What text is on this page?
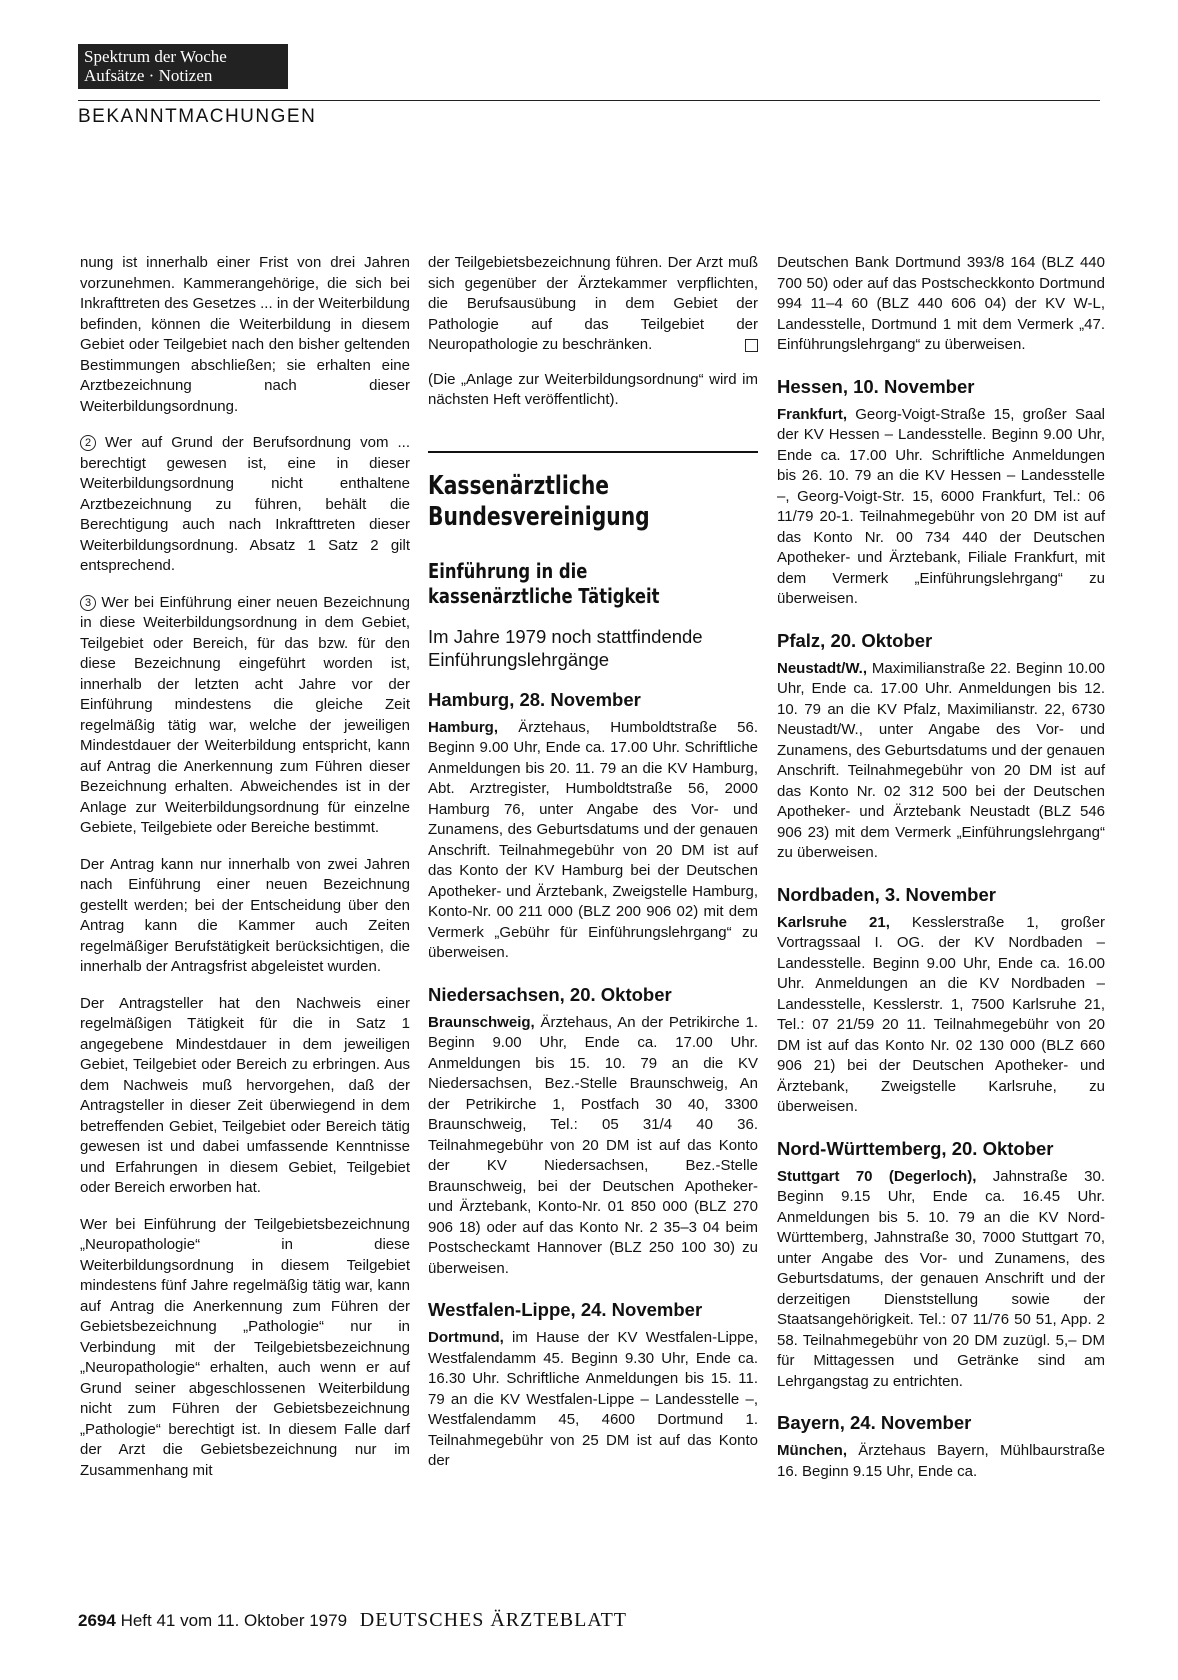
Spektrum der Woche
Aufsätze · Notizen
BEKANNTMACHUNGEN

nung ist innerhalb einer Frist von drei Jahren vorzunehmen. Kammerangehörige, die sich bei Inkrafttreten des Gesetzes ... in der Weiterbildung befinden, können die Weiterbildung in diesem Gebiet oder Teilgebiet nach den bisher geltenden Bestimmungen abschließen; sie erhalten eine Arztbezeichnung nach dieser Weiterbildungsordnung.

2 Wer auf Grund der Berufsordnung vom ... berechtigt gewesen ist, eine in dieser Weiterbildungsordnung nicht enthaltene Arztbezeichnung zu führen, behält die Berechtigung auch nach Inkrafttreten dieser Weiterbildungsordnung. Absatz 1 Satz 2 gilt entsprechend.

3 Wer bei Einführung einer neuen Bezeichnung in diese Weiterbildungsordnung in dem Gebiet, Teilgebiet oder Bereich, für das bzw. für den diese Bezeichnung eingeführt worden ist, innerhalb der letzten acht Jahre vor der Einführung mindestens die gleiche Zeit regelmäßig tätig war, welche der jeweiligen Mindestdauer der Weiterbildung entspricht, kann auf Antrag die Anerkennung zum Führen dieser Bezeichnung erhalten. Abweichendes ist in der Anlage zur Weiterbildungsordnung für einzelne Gebiete, Teilgebiete oder Bereiche bestimmt.

Der Antrag kann nur innerhalb von zwei Jahren nach Einführung einer neuen Bezeichnung gestellt werden; bei der Entscheidung über den Antrag kann die Kammer auch Zeiten regelmäßiger Berufstätigkeit berücksichtigen, die innerhalb der Antragsfrist abgeleistet wurden.

Der Antragsteller hat den Nachweis einer regelmäßigen Tätigkeit für die in Satz 1 angegebene Mindestdauer in dem jeweiligen Gebiet, Teilgebiet oder Bereich zu erbringen. Aus dem Nachweis muß hervorgehen, daß der Antragsteller in dieser Zeit überwiegend in dem betreffenden Gebiet, Teilgebiet oder Bereich tätig gewesen ist und dabei umfassende Kenntnisse und Erfahrungen in diesem Gebiet, Teilgebiet oder Bereich erworben hat.

Wer bei Einführung der Teilgebietsbezeichnung „Neuropathologie“ in diese Weiterbildungsordnung in diesem Teilgebiet mindestens fünf Jahre regelmäßig tätig war, kann auf Antrag die Anerkennung zum Führen der Gebietsbezeichnung „Pathologie“ nur in Verbindung mit der Teilgebietsbezeichnung „Neuropathologie“ erhalten, auch wenn er auf Grund seiner abgeschlossenen Weiterbildung nicht zum Führen der Gebietsbezeichnung „Pathologie“ berechtigt ist. In diesem Falle darf der Arzt die Gebietsbezeichnung nur im Zusammenhang mit

der Teilgebietsbezeichnung führen. Der Arzt muß sich gegenüber der Ärztekammer verpflichten, die Berufsausübung in dem Gebiet der Pathologie auf das Teilgebiet der Neuropathologie zu beschränken.

(Die „Anlage zur Weiterbildungsordnung“ wird im nächsten Heft veröffentlicht).

Kassenärztliche
Bundesvereinigung
Einführung in die
kassenärztliche Tätigkeit
Im Jahre 1979 noch stattfindende Einführungslehrgänge
Hamburg, 28. November

Hamburg, Ärztehaus, Humboldtstraße 56. Beginn 9.00 Uhr, Ende ca. 17.00 Uhr. Schriftliche Anmeldungen bis 20. 11. 79 an die KV Hamburg, Abt. Arztregister, Humboldtstraße 56, 2000 Hamburg 76, unter Angabe des Vor- und Zunamens, des Geburtsdatums und der genauen Anschrift. Teilnahmegebühr von 20 DM ist auf das Konto der KV Hamburg bei der Deutschen Apotheker- und Ärztebank, Zweigstelle Hamburg, Konto-Nr. 00 211 000 (BLZ 200 906 02) mit dem Vermerk „Gebühr für Einführungslehrgang“ zu überweisen.

Niedersachsen, 20. Oktober

Braunschweig, Ärztehaus, An der Petrikirche 1. Beginn 9.00 Uhr, Ende ca. 17.00 Uhr. Anmeldungen bis 15. 10. 79 an die KV Niedersachsen, Bez.-Stelle Braunschweig, An der Petrikirche 1, Postfach 30 40, 3300 Braunschweig, Tel.: 05 31/4 40 36. Teilnahmegebühr von 20 DM ist auf das Konto der KV Niedersachsen, Bez.-Stelle Braunschweig, bei der Deutschen Apotheker- und Ärztebank, Konto-Nr. 01 850 000 (BLZ 270 906 18) oder auf das Konto Nr. 2 35–3 04 beim Postscheckamt Hannover (BLZ 250 100 30) zu überweisen.

Westfalen-Lippe, 24. November

Dortmund, im Hause der KV Westfalen-Lippe, Westfalendamm 45. Beginn 9.30 Uhr, Ende ca. 16.30 Uhr. Schriftliche Anmeldungen bis 15. 11. 79 an die KV Westfalen-Lippe – Landesstelle –, Westfalendamm 45, 4600 Dortmund 1. Teilnahmegebühr von 25 DM ist auf das Konto der

Deutschen Bank Dortmund 393/8 164 (BLZ 440 700 50) oder auf das Postscheckkonto Dortmund 994 11–4 60 (BLZ 440 606 04) der KV W-L, Landesstelle, Dortmund 1 mit dem Vermerk „47. Einführungslehrgang“ zu überweisen.

Hessen, 10. November

Frankfurt, Georg-Voigt-Straße 15, großer Saal der KV Hessen – Landesstelle. Beginn 9.00 Uhr, Ende ca. 17.00 Uhr. Schriftliche Anmeldungen bis 26. 10. 79 an die KV Hessen – Landesstelle –, Georg-Voigt-Str. 15, 6000 Frankfurt, Tel.: 06 11/79 20-1. Teilnahmegebühr von 20 DM ist auf das Konto Nr. 00 734 440 der Deutschen Apotheker- und Ärztebank, Filiale Frankfurt, mit dem Vermerk „Einführungslehrgang“ zu überweisen.

Pfalz, 20. Oktober

Neustadt/W., Maximilianstraße 22. Beginn 10.00 Uhr, Ende ca. 17.00 Uhr. Anmeldungen bis 12. 10. 79 an die KV Pfalz, Maximilianstr. 22, 6730 Neustadt/W., unter Angabe des Vor- und Zunamens, des Geburtsdatums und der genauen Anschrift. Teilnahmegebühr von 20 DM ist auf das Konto Nr. 02 312 500 bei der Deutschen Apotheker- und Ärztebank Neustadt (BLZ 546 906 23) mit dem Vermerk „Einführungslehrgang“ zu überweisen.

Nordbaden, 3. November

Karlsruhe 21, Kesslerstraße 1, großer Vortragssaal I. OG. der KV Nordbaden – Landesstelle. Beginn 9.00 Uhr, Ende ca. 16.00 Uhr. Anmeldungen an die KV Nordbaden – Landesstelle, Kesslerstr. 1, 7500 Karlsruhe 21, Tel.: 07 21/59 20 11. Teilnahmegebühr von 20 DM ist auf das Konto Nr. 02 130 000 (BLZ 660 906 21) bei der Deutschen Apotheker- und Ärztebank, Zweigstelle Karlsruhe, zu überweisen.

Nord-Württemberg, 20. Oktober

Stuttgart 70 (Degerloch), Jahnstraße 30. Beginn 9.15 Uhr, Ende ca. 16.45 Uhr. Anmeldungen bis 5. 10. 79 an die KV Nord-Württemberg, Jahnstraße 30, 7000 Stuttgart 70, unter Angabe des Vor- und Zunamens, des Geburtsdatums, der genauen Anschrift und der derzeitigen Dienststellung sowie der Staatsangehörigkeit. Tel.: 07 11/76 50 51, App. 2 58. Teilnahmegebühr von 20 DM zuzügl. 5,– DM für Mittagessen und Getränke sind am Lehrgangstag zu entrichten.

Bayern, 24. November

München, Ärztehaus Bayern, Mühlbaurstraße 16. Beginn 9.15 Uhr, Ende ca.

2694 Heft 41 vom 11. Oktober 1979 DEUTSCHES ÄRZTEBLATT
